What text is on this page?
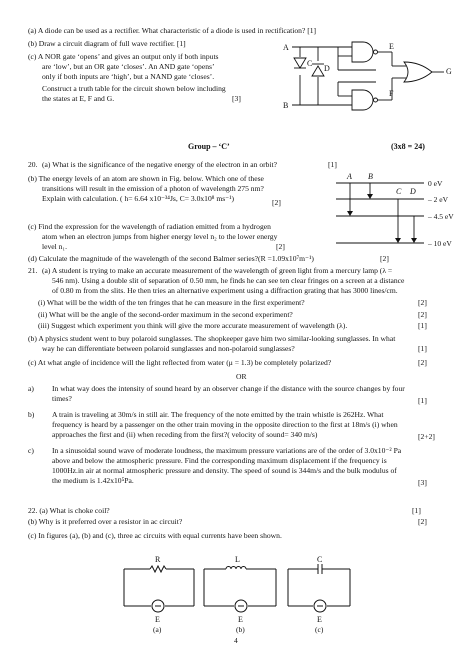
(a) A diode can be used as a rectifier. What characteristic of a diode is used in rectification? [1]
(b) Draw a circuit diagram of full wave rectifier. [1]
(c) A NOR gate ‘opens’ and gives an output only if both inputs
are ‘low’, but an OR gate ‘closes’. An AND gate ‘opens’
only if both inputs are ‘high’, but a NAND gate ‘closes’.
Construct a truth table for the circuit shown below including
the states at E, F and G.	[3]
A
B
C
D
E
F
G
Group – ‘C’	(3x8 = 24)
20. (a) What is the significance of the negative energy of the electron in an orbit?	[1]
(b) The energy levels of an atom are shown in Fig. below. Which one of these
transitions will result in the emission of a photon of wavelength 275 nm?
Explain with calculation. ( h= 6.64 x10⁻³⁴Js, C= 3.0x10⁸ ms⁻¹)	[2]
(c) Find the expression for the wavelength of radiation emitted from a hydrogen
atom when an electron jumps from higher energy level n₂ to the lower energy
level n₁.	[2]
(d) Calculate the magnitude of the wavelength of the second Balmer series?(R =1.09x10⁷m⁻¹)	[2]
A B
C D
0 eV
– 2 eV
– 4.5 eV
– 10 eV
21. (a) A student is trying to make an accurate measurement of the wavelength of green light from a mercury lamp (λ =
546 nm). Using a double slit of separation of 0.50 mm, he finds he can see ten clear fringes on a screen at a distance
of 0.80 m from the slits. He then tries an alternative experiment using a diffraction grating that has 3000 lines/cm.
(i) What will be the width of the ten fringes that he can measure in the first experiment?	[2]
(ii) What will be the angle of the second-order maximum in the second experiment?	[2]
(iii) Suggest which experiment you think will give the more accurate measurement of wavelength (λ).	[1]
(b) A physics student went to buy polaroid sunglasses. The shopkeeper gave him two similar-looking sunglasses. In what
way he can differentiate between polaroid sunglasses and non-polaroid sunglasses?	[1]
(c) At what angle of incidence will the light reflected from water (μ = 1.3) be completely polarized?	[2]
OR
a) In what way does the intensity of sound heard by an observer change if the distance with the source changes by four
times?	[1]
b) A train is traveling at 30m/s in still air. The frequency of the note emitted by the train whistle is 262Hz. What
frequency is heard by a passenger on the other train moving in the opposite direction to the first at 18m/s (i) when
approaches the first and (ii) when receding from the first?( velocity of sound= 340 m/s)	[2+2]
c) In a sinusoidal sound wave of moderate loudness, the maximum pressure variations are of the order of 3.0x10⁻² Pa
above and below the atmospheric pressure. Find the corresponding maximum displacement if the frequency is
1000Hz.in air at normal atmospheric pressure and density. The speed of sound is 344m/s and the bulk modulus of
the medium is 1.42x10⁵Pa.	[3]
22. (a) What is choke coil?	[1]
(b) Why is it preferred over a resistor in ac circuit?	[2]
(c) In figures (a), (b) and (c), three ac circuits with equal currents have been shown.
R	L	C
E	E	E
(a)	(b)	(c)
4
